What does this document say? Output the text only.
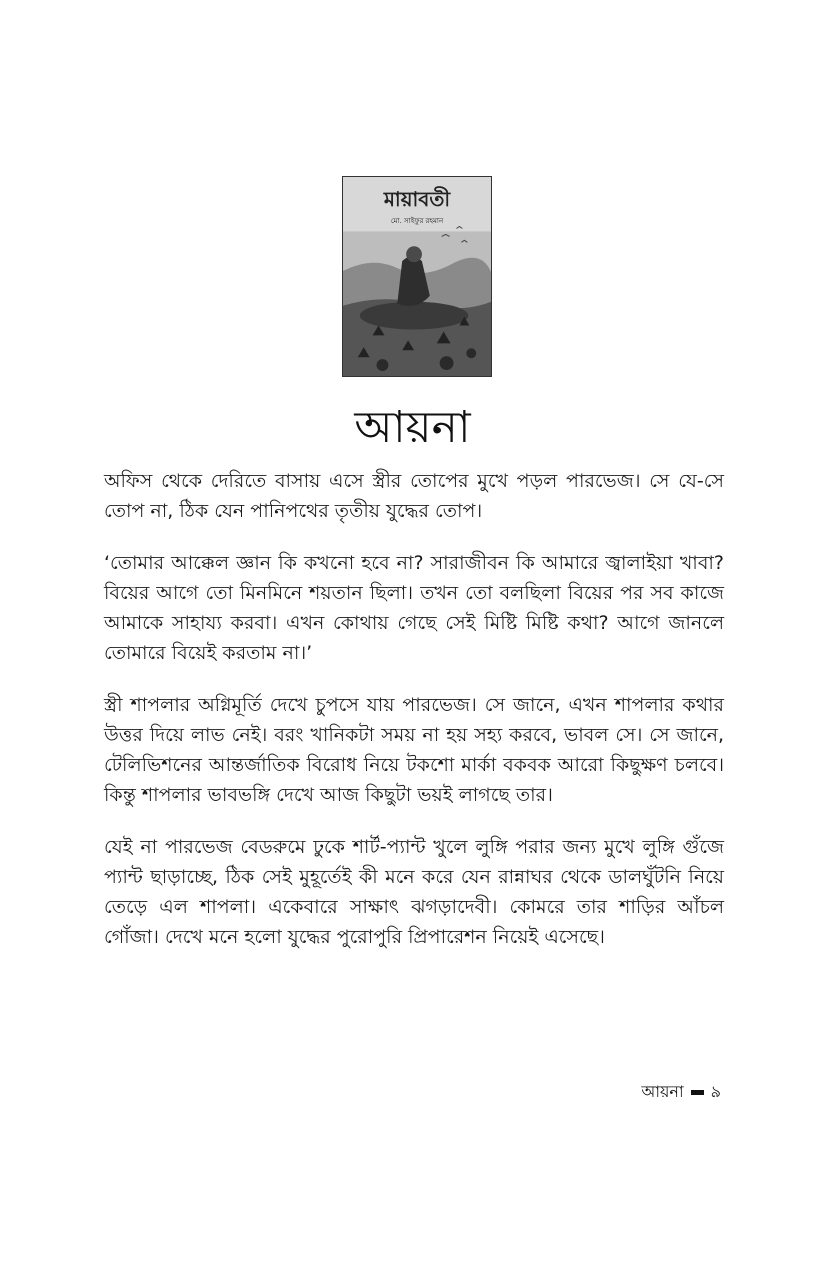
মায়াবতী
মো. সাইফুর রহমান
আয়না

অফিস থেকে দেরিতে বাসায় এসে স্ত্রীর তোপের মুখে পড়ল পারভেজ। সে যে-সে তোপ না, ঠিক যেন পানিপথের তৃতীয় যুদ্ধের তোপ।

‘তোমার আক্কেল জ্ঞান কি কখনো হবে না? সারাজীবন কি আমারে জ্বালাইয়া খাবা? বিয়ের আগে তো মিনমিনে শয়তান ছিলা। তখন তো বলছিলা বিয়ের পর সব কাজে আমাকে সাহায্য করবা। এখন কোথায় গেছে সেই মিষ্টি মিষ্টি কথা? আগে জানলে তোমারে বিয়েই করতাম না।’

স্ত্রী শাপলার অগ্নিমূর্তি দেখে চুপসে যায় পারভেজ। সে জানে, এখন শাপলার কথার উত্তর দিয়ে লাভ নেই। বরং খানিকটা সময় না হয় সহ্য করবে, ভাবল সে। সে জানে, টেলিভিশনের আন্তর্জাতিক বিরোধ নিয়ে টকশো মার্কা বকবক আরো কিছুক্ষণ চলবে। কিন্তু শাপলার ভাবভঙ্গি দেখে আজ কিছুটা ভয়ই লাগছে তার।

যেই না পারভেজ বেডরুমে ঢুকে শার্ট-প্যান্ট খুলে লুঙ্গি পরার জন্য মুখে লুঙ্গি গুঁজে প্যান্ট ছাড়াচ্ছে, ঠিক সেই মুহূর্তেই কী মনে করে যেন রান্নাঘর থেকে ডালঘুঁটনি নিয়ে তেড়ে এল শাপলা। একেবারে সাক্ষাৎ ঝগড়াদেবী। কোমরে তার শাড়ির আঁচল গোঁজা। দেখে মনে হলো যুদ্ধের পুরোপুরি প্রিপারেশন নিয়েই এসেছে।

আয়না ৯
